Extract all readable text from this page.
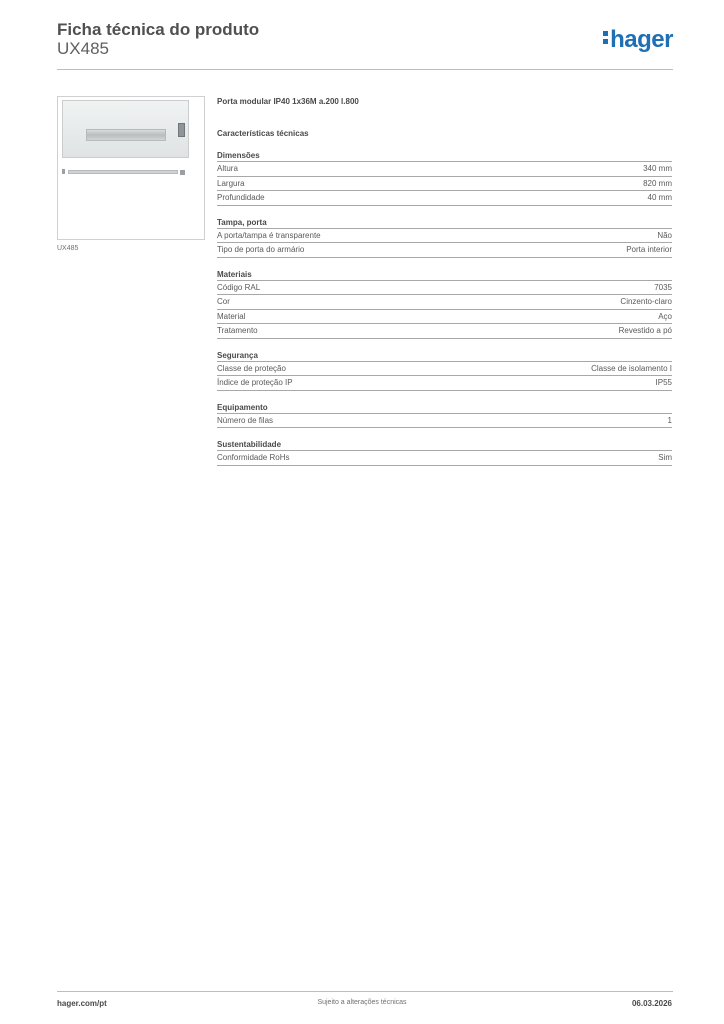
Ficha técnica do produto
UX485	hager
UX485
Porta modular IP40 1x36M a.200 l.800
Características técnicas
Dimensões
Altura	340 mm
Largura	820 mm
Profundidade	40 mm
Tampa, porta
A porta/tampa é transparente	Não
Tipo de porta do armário	Porta interior
Materiais
Código RAL	7035
Cor	Cinzento-claro
Material	Aço
Tratamento	Revestido a pó
Segurança
Classe de proteção	Classe de isolamento I
Índice de proteção IP	IP55
Equipamento
Número de filas	1
Sustentabilidade
Conformidade RoHs	Sim
hager.com/pt	Sujeito a alterações técnicas	06.03.2026
